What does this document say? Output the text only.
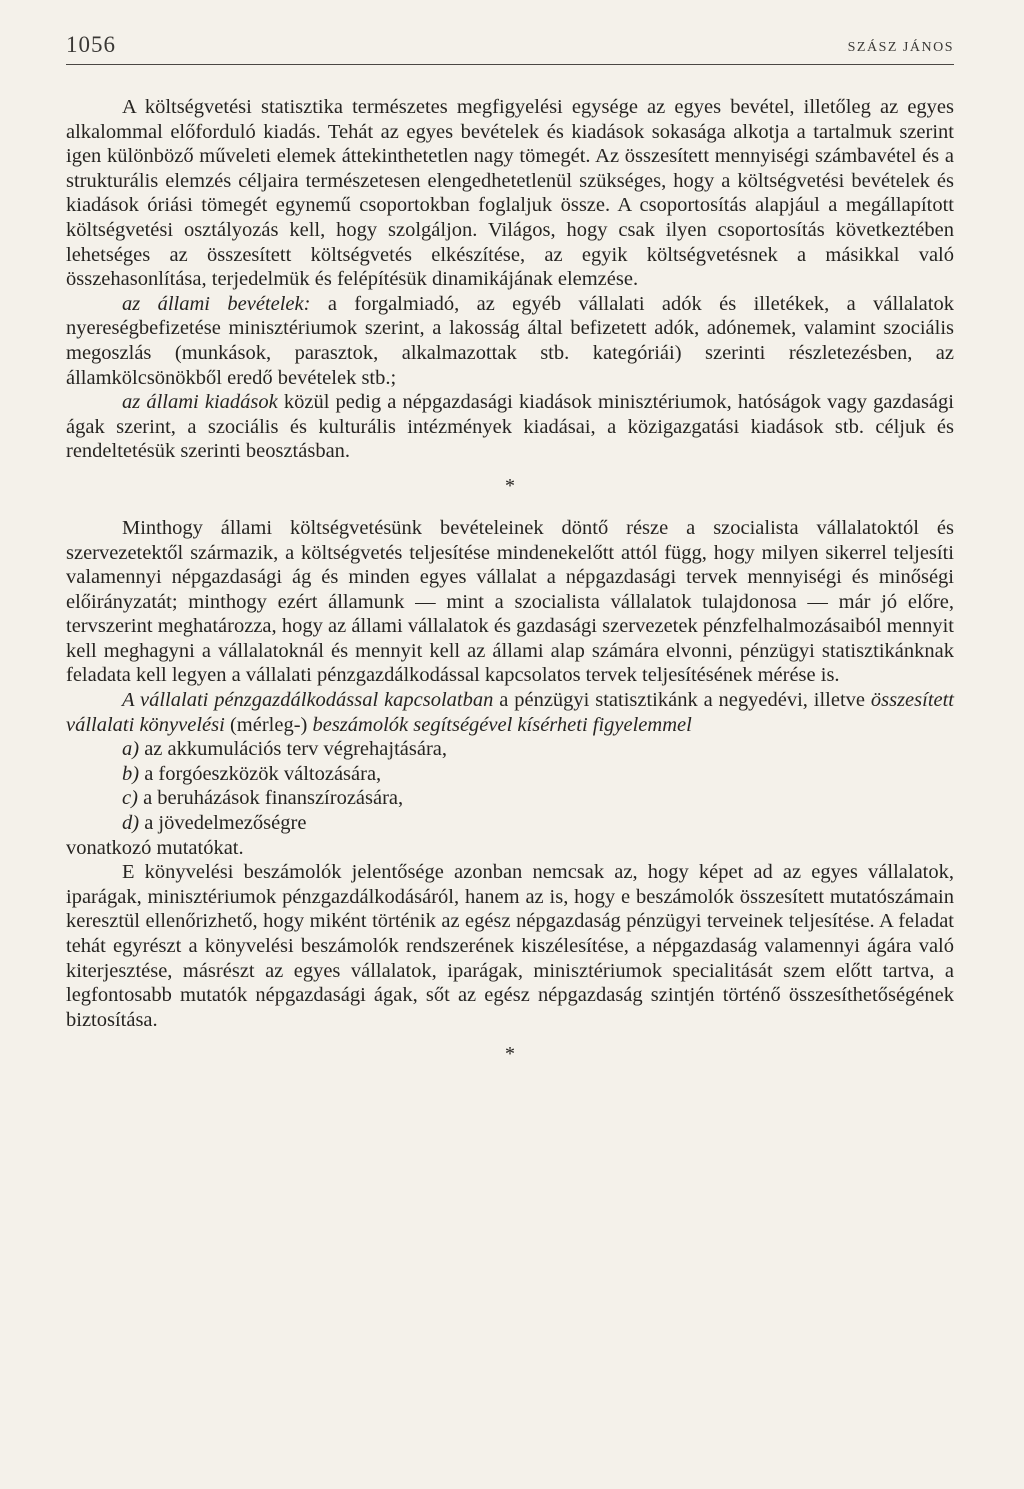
1056	SZÁSZ JÁNOS

A költségvetési statisztika természetes megfigyelési egysége az egyes bevétel, illetőleg az egyes alkalommal előforduló kiadás. Tehát az egyes bevételek és kiadások sokasága alkotja a tartalmuk szerint igen különböző műveleti elemek áttekinthetetlen nagy tömegét. Az összesített mennyiségi számbavétel és a strukturális elemzés céljaira természetesen elengedhetetlenül szükséges, hogy a költségvetési bevételek és kiadások óriási tömegét egynemű csoportokban foglaljuk össze. A csoportosítás alapjául a megállapított költségvetési osztályozás kell, hogy szolgáljon. Világos, hogy csak ilyen csoportosítás következtében lehetséges az összesített költségvetés elkészítése, az egyik költségvetésnek a másikkal való összehasonlítása, terjedelmük és felépítésük dinamikájának elemzése.

az állami bevételek: a forgalmiadó, az egyéb vállalati adók és illetékek, a vállalatok nyereségbefizetése minisztériumok szerint, a lakosság által befizetett adók, adónemek, valamint szociális megoszlás (munkások, parasztok, alkalmazottak stb. kategóriái) szerinti részletezésben, az államkölcsönökből eredő bevételek stb.;

az állami kiadások közül pedig a népgazdasági kiadások minisztériumok, hatóságok vagy gazdasági ágak szerint, a szociális és kulturális intézmények kiadásai, a közigazgatási kiadások stb. céljuk és rendeltetésük szerinti beosztásban.

*

Minthogy állami költségvetésünk bevételeinek döntő része a szocialista vállalatoktól és szervezetektől származik, a költségvetés teljesítése mindenekelőtt attól függ, hogy milyen sikerrel teljesíti valamennyi népgazdasági ág és minden egyes vállalat a népgazdasági tervek mennyiségi és minőségi előirányzatát; minthogy ezért államunk — mint a szocialista vállalatok tulajdonosa — már jó előre, tervszerint meghatározza, hogy az állami vállalatok és gazdasági szervezetek pénzfelhalmozásaiból mennyit kell meghagyni a vállalatoknál és mennyit kell az állami alap számára elvonni, pénzügyi statisztikánknak feladata kell legyen a vállalati pénzgazdálkodással kapcsolatos tervek teljesítésének mérése is.

A vállalati pénzgazdálkodással kapcsolatban a pénzügyi statisztikánk a negyedévi, illetve összesített vállalati könyvelési (mérleg-) beszámolók segítségével kísérheti figyelemmel

a) az akkumulációs terv végrehajtására,

b) a forgóeszközök változására,

c) a beruházások finanszírozására,

d) a jövedelmezőségre

vonatkozó mutatókat.

E könyvelési beszámolók jelentősége azonban nemcsak az, hogy képet ad az egyes vállalatok, iparágak, minisztériumok pénzgazdálkodásáról, hanem az is, hogy e beszámolók összesített mutatószámain keresztül ellenőrizhető, hogy miként történik az egész népgazdaság pénzügyi terveinek teljesítése. A feladat tehát egyrészt a könyvelési beszámolók rendszerének kiszélesítése, a népgazdaság valamennyi ágára való kiterjesztése, másrészt az egyes vállalatok, iparágak, minisztériumok specialitását szem előtt tartva, a legfontosabb mutatók népgazdasági ágak, sőt az egész népgazdaság szintjén történő összesíthetőségének biztosítása.

*
